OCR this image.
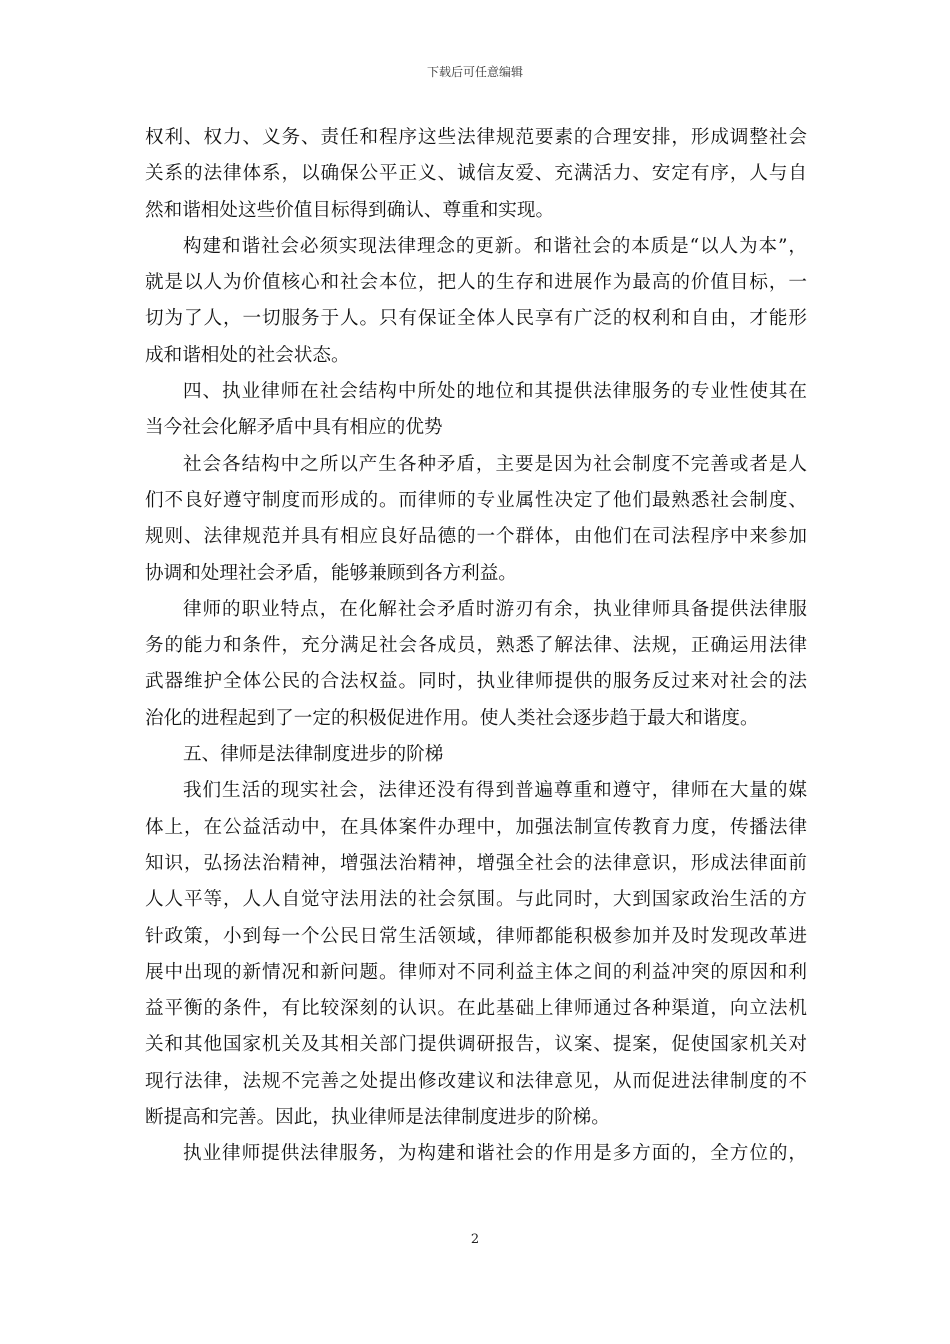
下载后可任意编辑
权利、权力、义务、责任和程序这些法律规范要素的合理安排，形成调整社会
关系的法律体系，以确保公平正义、诚信友爱、充满活力、安定有序，人与自
然和谐相处这些价值目标得到确认、尊重和实现。
构建和谐社会必须实现法律理念的更新。和谐社会的本质是“以人为本”，
就是以人为价值核心和社会本位，把人的生存和进展作为最高的价值目标，一
切为了人，一切服务于人。只有保证全体人民享有广泛的权利和自由，才能形
成和谐相处的社会状态。
四、执业律师在社会结构中所处的地位和其提供法律服务的专业性使其在
当今社会化解矛盾中具有相应的优势
社会各结构中之所以产生各种矛盾，主要是因为社会制度不完善或者是人
们不良好遵守制度而形成的。而律师的专业属性决定了他们最熟悉社会制度、
规则、法律规范并具有相应良好品德的一个群体，由他们在司法程序中来参加
协调和处理社会矛盾，能够兼顾到各方利益。
律师的职业特点，在化解社会矛盾时游刃有余，执业律师具备提供法律服
务的能力和条件，充分满足社会各成员，熟悉了解法律、法规，正确运用法律
武器维护全体公民的合法权益。同时，执业律师提供的服务反过来对社会的法
治化的进程起到了一定的积极促进作用。使人类社会逐步趋于最大和谐度。
五、律师是法律制度进步的阶梯
我们生活的现实社会，法律还没有得到普遍尊重和遵守，律师在大量的媒
体上，在公益活动中，在具体案件办理中，加强法制宣传教育力度，传播法律
知识，弘扬法治精神，增强法治精神，增强全社会的法律意识，形成法律面前
人人平等，人人自觉守法用法的社会氛围。与此同时，大到国家政治生活的方
针政策，小到每一个公民日常生活领域，律师都能积极参加并及时发现改革进
展中出现的新情况和新问题。律师对不同利益主体之间的利益冲突的原因和利
益平衡的条件，有比较深刻的认识。在此基础上律师通过各种渠道，向立法机
关和其他国家机关及其相关部门提供调研报告，议案、提案，促使国家机关对
现行法律，法规不完善之处提出修改建议和法律意见，从而促进法律制度的不
断提高和完善。因此，执业律师是法律制度进步的阶梯。
执业律师提供法律服务，为构建和谐社会的作用是多方面的，全方位的，
2
